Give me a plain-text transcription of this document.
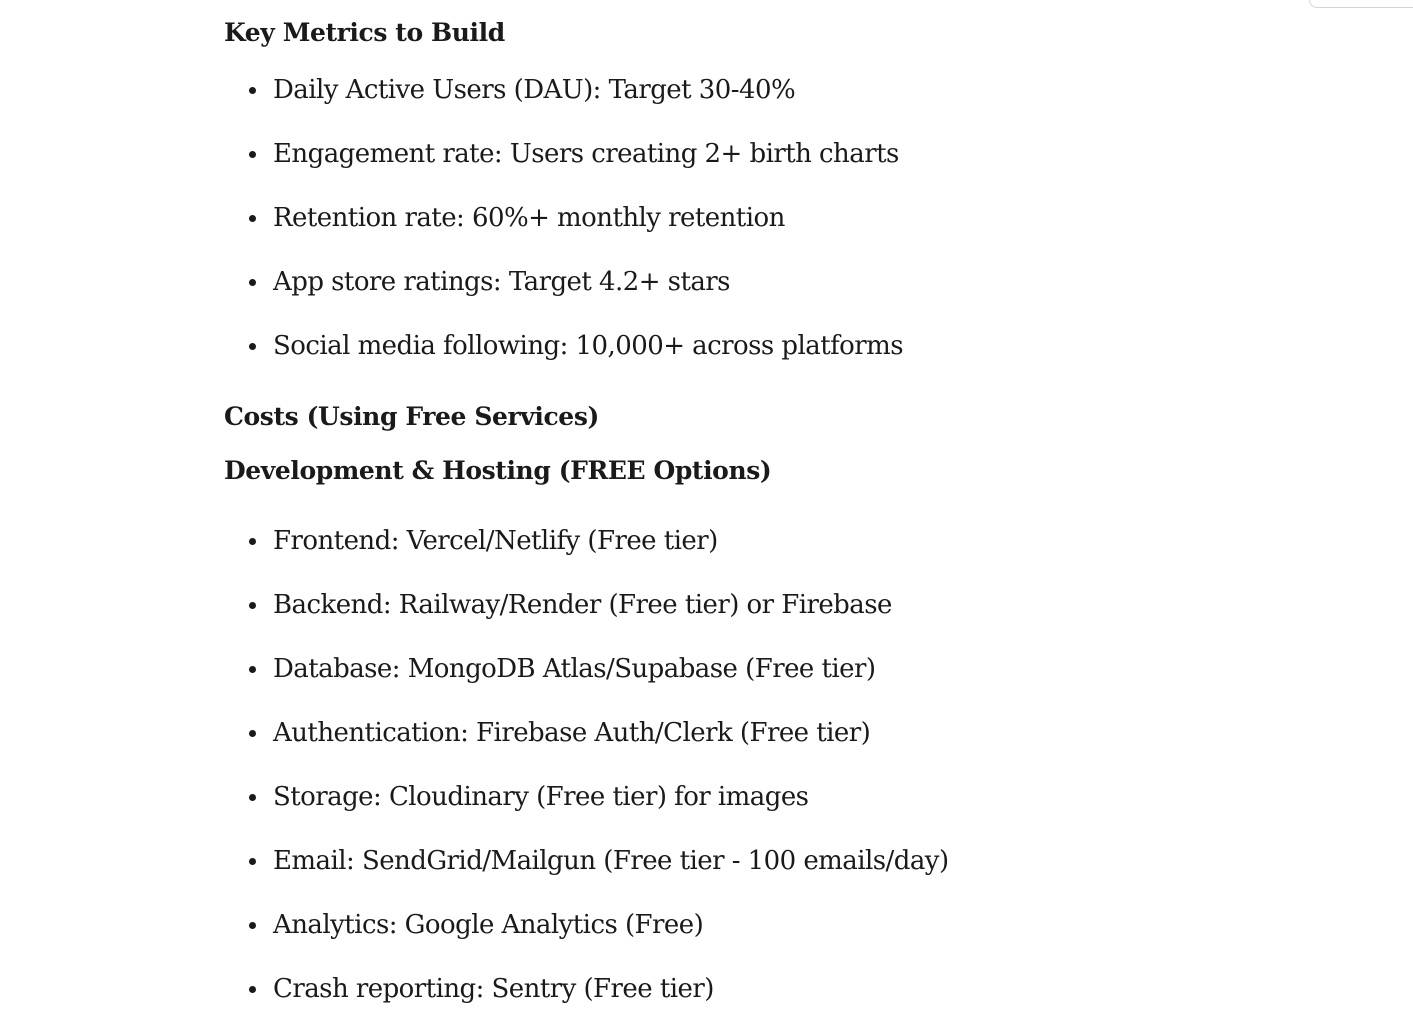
Key Metrics to Build
Daily Active Users (DAU): Target 30-40%
Engagement rate: Users creating 2+ birth charts
Retention rate: 60%+ monthly retention
App store ratings: Target 4.2+ stars
Social media following: 10,000+ across platforms
Costs (Using Free Services)
Development & Hosting (FREE Options)
Frontend: Vercel/Netlify (Free tier)
Backend: Railway/Render (Free tier) or Firebase
Database: MongoDB Atlas/Supabase (Free tier)
Authentication: Firebase Auth/Clerk (Free tier)
Storage: Cloudinary (Free tier) for images
Email: SendGrid/Mailgun (Free tier - 100 emails/day)
Analytics: Google Analytics (Free)
Crash reporting: Sentry (Free tier)
